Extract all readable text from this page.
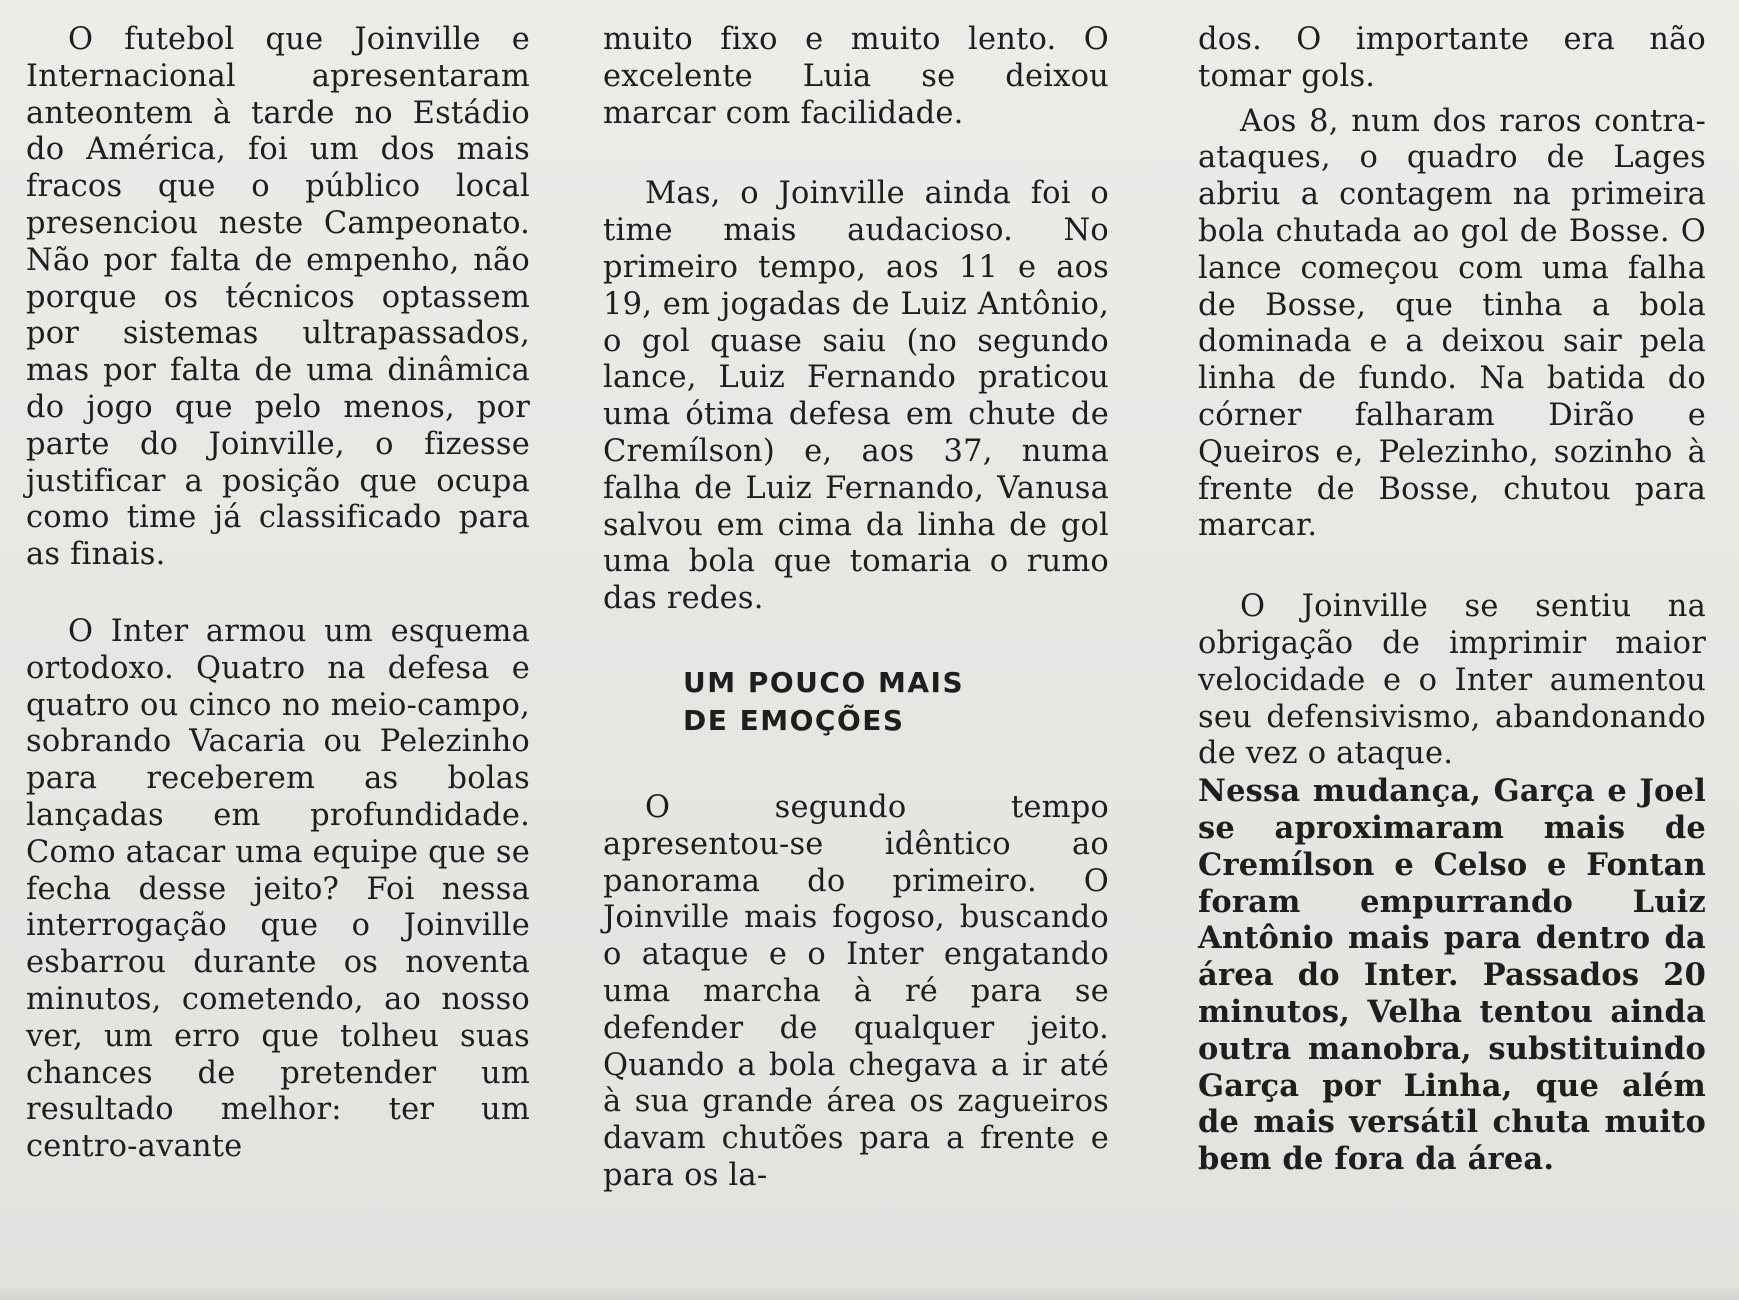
O futebol que Joinville e Internacional apresentaram anteontem à tarde no Estádio do América, foi um dos mais fracos que o público local presenciou neste Campeonato. Não por falta de empenho, não porque os técnicos optassem por sistemas ultrapassados, mas por falta de uma dinâmica do jogo que pelo menos, por parte do Joinville, o fizesse justificar a posição que ocupa como time já classificado para as finais.

O Inter armou um esquema ortodoxo. Quatro na defesa e quatro ou cinco no meio-campo, sobrando Vacaria ou Pelezinho para receberem as bolas lançadas em profundidade. Como atacar uma equipe que se fecha desse jeito? Foi nessa interrogação que o Joinville esbarrou durante os noventa minutos, cometendo, ao nosso ver, um erro que tolheu suas chances de pretender um resultado melhor: ter um centro-avante

muito fixo e muito lento. O excelente Luia se deixou marcar com facilidade.

Mas, o Joinville ainda foi o time mais audacioso. No primeiro tempo, aos 11 e aos 19, em jogadas de Luiz Antônio, o gol quase saiu (no segundo lance, Luiz Fernando praticou uma ótima defesa em chute de Cremílson) e, aos 37, numa falha de Luiz Fernando, Vanusa salvou em cima da linha de gol uma bola que tomaria o rumo das redes.

UM POUCO MAIS
DE EMOÇÕES

O segundo tempo apresentou-se idêntico ao panorama do primeiro. O Joinville mais fogoso, buscando o ataque e o Inter engatando uma marcha à ré para se defender de qualquer jeito. Quando a bola chegava a ir até à sua grande área os zagueiros davam chutões para a frente e para os la-

dos. O importante era não tomar gols.

Aos 8, num dos raros contra-ataques, o quadro de Lages abriu a contagem na primeira bola chutada ao gol de Bosse. O lance começou com uma falha de Bosse, que tinha a bola dominada e a deixou sair pela linha de fundo. Na batida do córner falharam Dirão e Queiros e, Pelezinho, sozinho à frente de Bosse, chutou para marcar.

O Joinville se sentiu na obrigação de imprimir maior velocidade e o Inter aumentou seu defensivismo, abandonando de vez o ataque.

Nessa mudança, Garça e Joel se aproximaram mais de Cremílson e Celso e Fontan foram empurrando Luiz Antônio mais para dentro da área do Inter. Passados 20 minutos, Velha tentou ainda outra manobra, substituindo Garça por Linha, que além de mais versátil chuta muito bem de fora da área.
